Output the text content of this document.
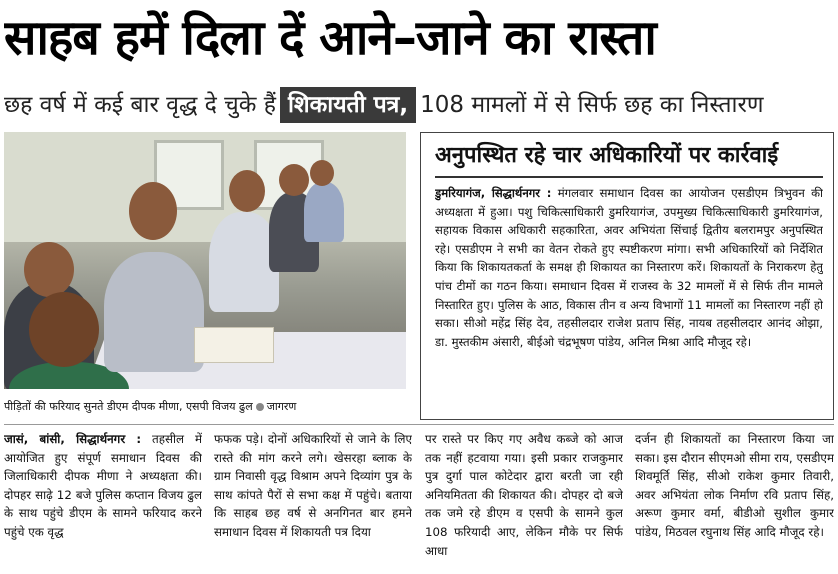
साहब हमें दिला दें आने–जाने का रास्ता
छह वर्ष में कई बार वृद्ध दे चुके हैं शिकायती पत्र, 108 मामलों में से सिर्फ छह का निस्तारण
पीड़ितों की फरियाद सुनते डीएम दीपक मीणा, एसपी विजय ढुल जागरण
अनुपस्थित रहे चार अधिकारियों पर कार्रवाई
डुमरियागंज, सिद्धार्थनगर : मंगलवार समाधान दिवस का आयोजन एसडीएम त्रिभुवन की अध्यक्षता में हुआ। पशु चिकित्साधिकारी डुमरियागंज, उपमुख्य चिकित्साधिकारी डुमरियागंज, सहायक विकास अधिकारी सहकारिता, अवर अभियंता सिंचाई द्वितीय बलरामपुर अनुपस्थित रहे। एसडीएम ने सभी का वेतन रोकते हुए स्पष्टीकरण मांगा। सभी अधिकारियों को निर्देशित किया कि शिकायतकर्ता के समक्ष ही शिकायत का निस्तारण करें। शिकायतों के निराकरण हेतु पांच टीमों का गठन किया। समाधान दिवस में राजस्व के 32 मामलों में से सिर्फ तीन मामले निस्तारित हुए। पुलिस के आठ, विकास तीन व अन्य विभागों 11 मामलों का निस्तारण नहीं हो सका। सीओ महेंद्र सिंह देव, तहसीलदार राजेश प्रताप सिंह, नायब तहसीलदार आनंद ओझा, डा. मुस्तकीम अंसारी, बीईओ चंद्रभूषण पांडेय, अनिल मिश्रा आदि मौजूद रहे।
जासं, बांसी, सिद्धार्थनगर : तहसील में आयोजित हुए संपूर्ण समाधान दिवस की जिलाधिकारी दीपक मीणा ने अध्यक्षता की। दोपहर साढ़े 12 बजे पुलिस कप्तान विजय ढुल के साथ पहुंचे डीएम के सामने फरियाद करने पहुंचे एक वृद्ध
फफक पड़े। दोनों अधिकारियों से जाने के लिए रास्ते की मांग करने लगे। खेसरहा ब्लाक के ग्राम निवासी वृद्ध विश्राम अपने दिव्यांग पुत्र के साथ कांपते पैरों से सभा कक्ष में पहुंचे। बताया कि साहब छह वर्ष से अनगिनत बार हमने समाधान दिवस में शिकायती पत्र दिया
पर रास्ते पर किए गए अवैध कब्जे को आज तक नहीं हटवाया गया। इसी प्रकार राजकुमार पुत्र दुर्गा पाल कोटेदार द्वारा बरती जा रही अनियमितता की शिकायत की। दोपहर दो बजे तक जमे रहे डीएम व एसपी के सामने कुल 108 फरियादी आए, लेकिन मौके पर सिर्फ आधा
दर्जन ही शिकायतों का निस्तारण किया जा सका। इस दौरान सीएमओ सीमा राय, एसडीएम शिवमूर्ति सिंह, सीओ राकेश कुमार तिवारी, अवर अभियंता लोक निर्माण रवि प्रताप सिंह, अरूण कुमार वर्मा, बीडीओ सुशील कुमार पांडेय, मिठवल रघुनाथ सिंह आदि मौजूद रहे।
